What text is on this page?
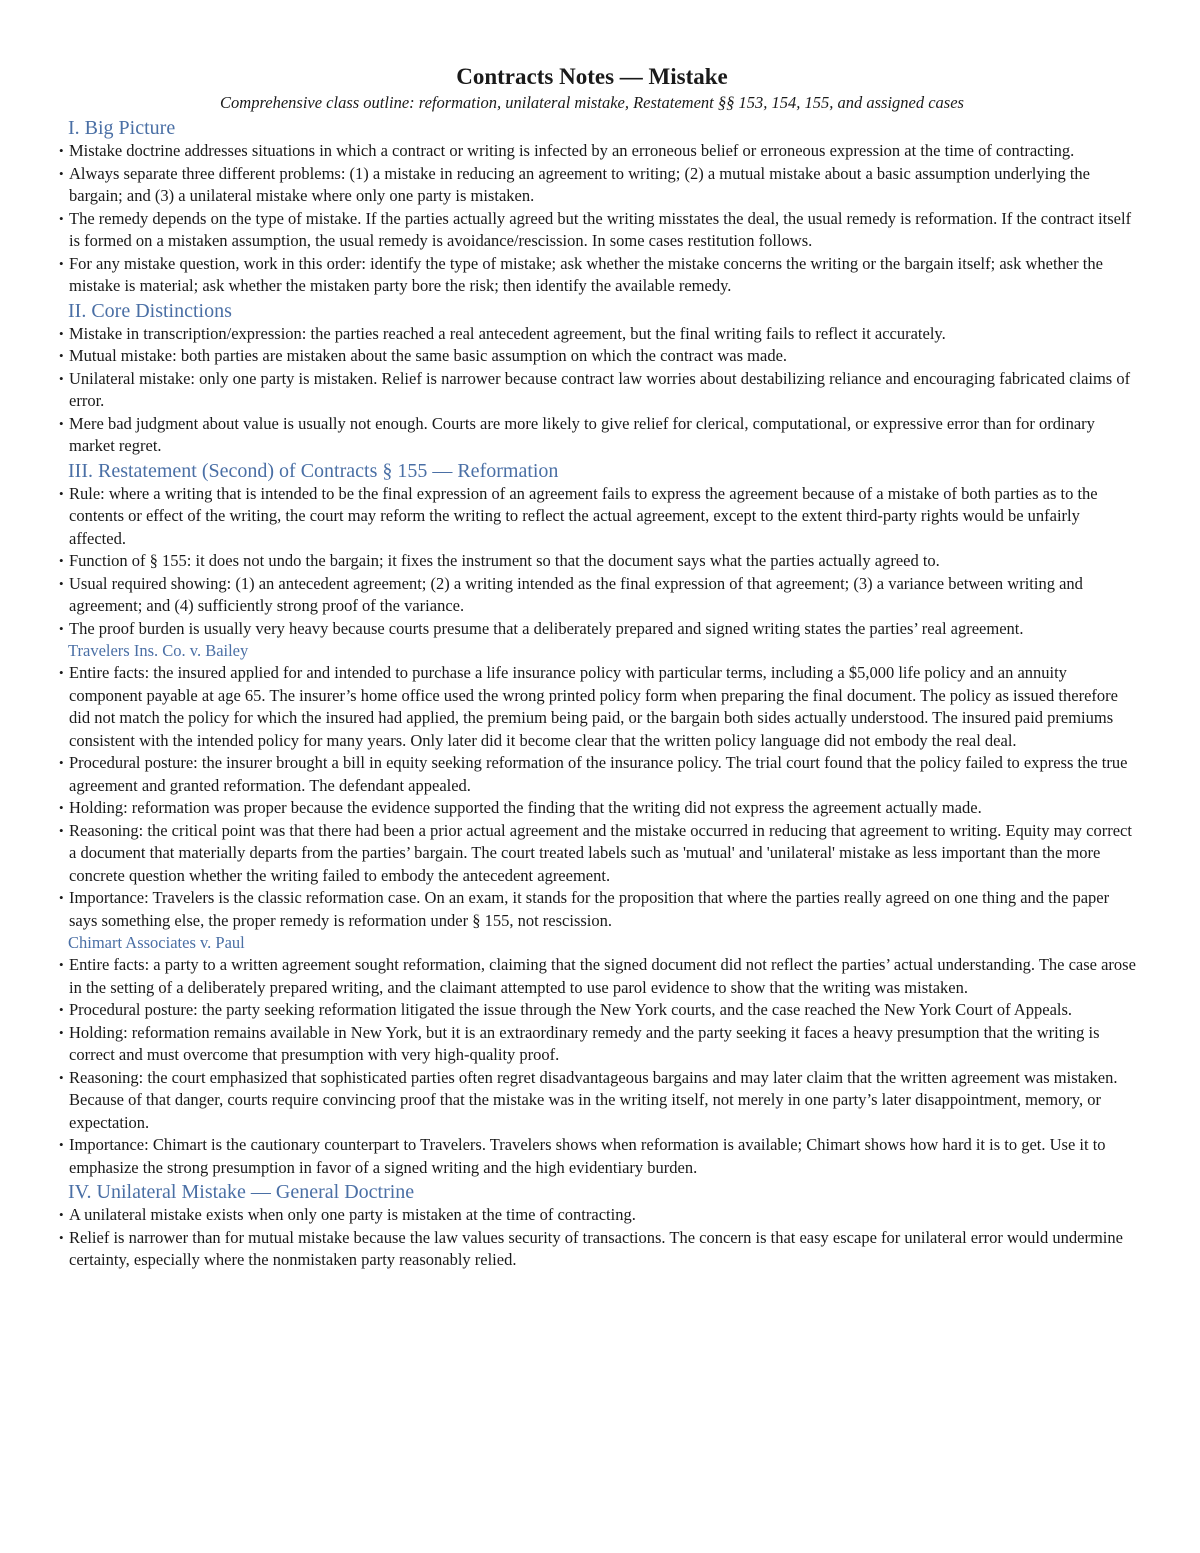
Contracts Notes — Mistake

Comprehensive class outline: reformation, unilateral mistake, Restatement §§ 153, 154, 155, and assigned cases

I. Big Picture
• Mistake doctrine addresses situations in which a contract or writing is infected by an erroneous belief or erroneous expression at the time of contracting.
• Always separate three different problems: (1) a mistake in reducing an agreement to writing; (2) a mutual mistake about a basic assumption underlying the bargain; and (3) a unilateral mistake where only one party is mistaken.
• The remedy depends on the type of mistake. If the parties actually agreed but the writing misstates the deal, the usual remedy is reformation. If the contract itself is formed on a mistaken assumption, the usual remedy is avoidance/rescission. In some cases restitution follows.
• For any mistake question, work in this order: identify the type of mistake; ask whether the mistake concerns the writing or the bargain itself; ask whether the mistake is material; ask whether the mistaken party bore the risk; then identify the available remedy.
II. Core Distinctions
• Mistake in transcription/expression: the parties reached a real antecedent agreement, but the final writing fails to reflect it accurately.
• Mutual mistake: both parties are mistaken about the same basic assumption on which the contract was made.
• Unilateral mistake: only one party is mistaken. Relief is narrower because contract law worries about destabilizing reliance and encouraging fabricated claims of error.
• Mere bad judgment about value is usually not enough. Courts are more likely to give relief for clerical, computational, or expressive error than for ordinary market regret.
III. Restatement (Second) of Contracts § 155 — Reformation
• Rule: where a writing that is intended to be the final expression of an agreement fails to express the agreement because of a mistake of both parties as to the contents or effect of the writing, the court may reform the writing to reflect the actual agreement, except to the extent third-party rights would be unfairly affected.
• Function of § 155: it does not undo the bargain; it fixes the instrument so that the document says what the parties actually agreed to.
• Usual required showing: (1) an antecedent agreement; (2) a writing intended as the final expression of that agreement; (3) a variance between writing and agreement; and (4) sufficiently strong proof of the variance.
• The proof burden is usually very heavy because courts presume that a deliberately prepared and signed writing states the parties’ real agreement.
Travelers Ins. Co. v. Bailey
• Entire facts: the insured applied for and intended to purchase a life insurance policy with particular terms, including a $5,000 life policy and an annuity component payable at age 65. The insurer’s home office used the wrong printed policy form when preparing the final document. The policy as issued therefore did not match the policy for which the insured had applied, the premium being paid, or the bargain both sides actually understood. The insured paid premiums consistent with the intended policy for many years. Only later did it become clear that the written policy language did not embody the real deal.
• Procedural posture: the insurer brought a bill in equity seeking reformation of the insurance policy. The trial court found that the policy failed to express the true agreement and granted reformation. The defendant appealed.
• Holding: reformation was proper because the evidence supported the finding that the writing did not express the agreement actually made.
• Reasoning: the critical point was that there had been a prior actual agreement and the mistake occurred in reducing that agreement to writing. Equity may correct a document that materially departs from the parties’ bargain. The court treated labels such as 'mutual' and 'unilateral' mistake as less important than the more concrete question whether the writing failed to embody the antecedent agreement.
• Importance: Travelers is the classic reformation case. On an exam, it stands for the proposition that where the parties really agreed on one thing and the paper says something else, the proper remedy is reformation under § 155, not rescission.
Chimart Associates v. Paul
• Entire facts: a party to a written agreement sought reformation, claiming that the signed document did not reflect the parties’ actual understanding. The case arose in the setting of a deliberately prepared writing, and the claimant attempted to use parol evidence to show that the writing was mistaken.
• Procedural posture: the party seeking reformation litigated the issue through the New York courts, and the case reached the New York Court of Appeals.
• Holding: reformation remains available in New York, but it is an extraordinary remedy and the party seeking it faces a heavy presumption that the writing is correct and must overcome that presumption with very high-quality proof.
• Reasoning: the court emphasized that sophisticated parties often regret disadvantageous bargains and may later claim that the written agreement was mistaken. Because of that danger, courts require convincing proof that the mistake was in the writing itself, not merely in one party’s later disappointment, memory, or expectation.
• Importance: Chimart is the cautionary counterpart to Travelers. Travelers shows when reformation is available; Chimart shows how hard it is to get. Use it to emphasize the strong presumption in favor of a signed writing and the high evidentiary burden.
IV. Unilateral Mistake — General Doctrine
• A unilateral mistake exists when only one party is mistaken at the time of contracting.
• Relief is narrower than for mutual mistake because the law values security of transactions. The concern is that easy escape for unilateral error would undermine certainty, especially where the nonmistaken party reasonably relied.
